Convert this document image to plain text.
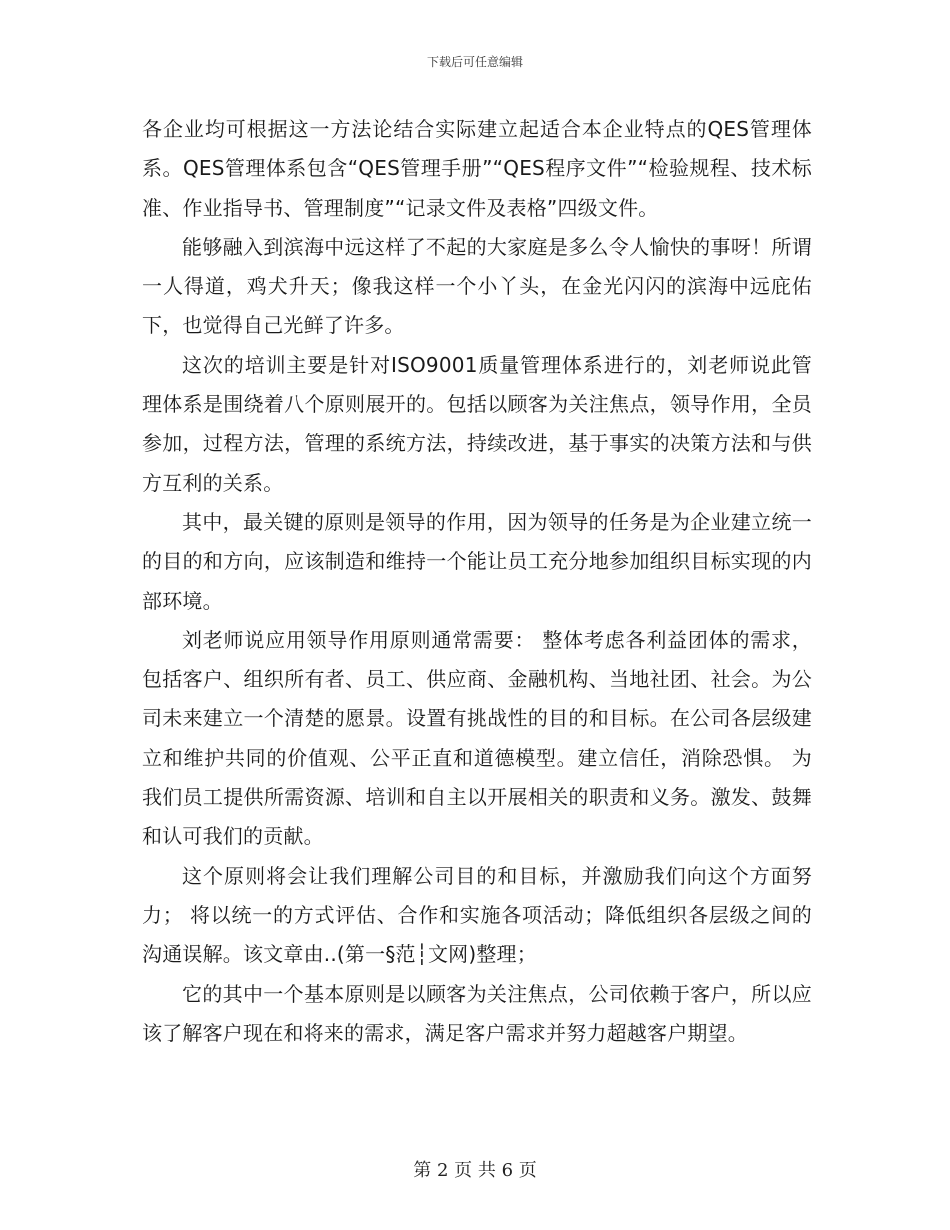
下载后可任意编辑

各企业均可根据这一方法论结合实际建立起适合本企业特点的QES管理体系。QES管理体系包含“QES管理手册”“QES程序文件”“检验规程、技术标准、作业指导书、管理制度”“记录文件及表格”四级文件。

能够融入到滨海中远这样了不起的大家庭是多么令人愉快的事呀！所谓一人得道，鸡犬升天；像我这样一个小丫头，在金光闪闪的滨海中远庇佑下，也觉得自己光鲜了许多。

这次的培训主要是针对ISO9001质量管理体系进行的，刘老师说此管理体系是围绕着八个原则展开的。包括以顾客为关注焦点，领导作用，全员参加，过程方法，管理的系统方法，持续改进，基于事实的决策方法和与供方互利的关系。

其中，最关键的原则是领导的作用，因为领导的任务是为企业建立统一的目的和方向，应该制造和维持一个能让员工充分地参加组织目标实现的内部环境。

刘老师说应用领导作用原则通常需要： 整体考虑各利益团体的需求，包括客户、组织所有者、员工、供应商、金融机构、当地社团、社会。为公司未来建立一个清楚的愿景。设置有挑战性的目的和目标。在公司各层级建立和维护共同的价值观、公平正直和道德模型。建立信任，消除恐惧。 为我们员工提供所需资源、培训和自主以开展相关的职责和义务。激发、鼓舞和认可我们的贡献。

这个原则将会让我们理解公司目的和目标，并激励我们向这个方面努力； 将以统一的方式评估、合作和实施各项活动；降低组织各层级之间的沟通误解。该文章由..(第一§范┆文网)整理；

它的其中一个基本原则是以顾客为关注焦点，公司依赖于客户，所以应该了解客户现在和将来的需求，满足客户需求并努力超越客户期望。

第 2 页 共 6 页
